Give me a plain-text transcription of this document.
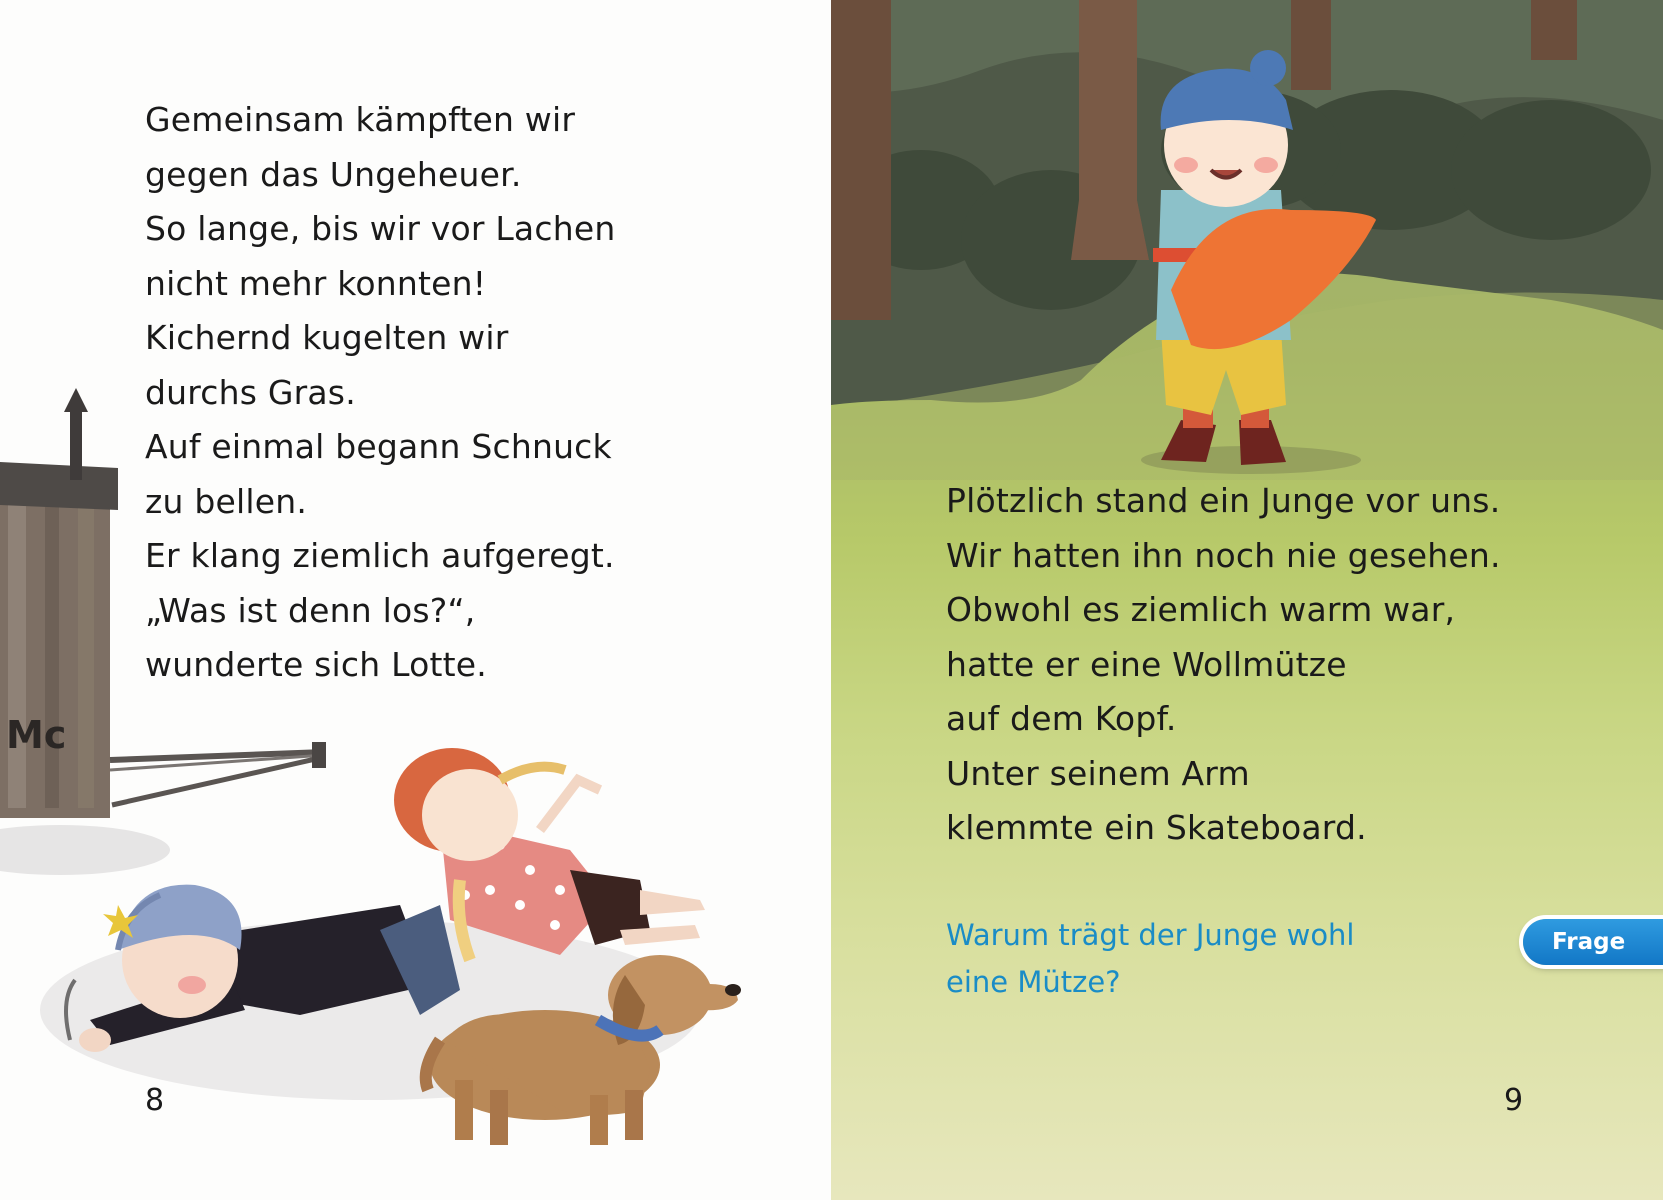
Mc
Gemeinsam kämpften wir
gegen das Ungeheuer.
So lange, bis wir vor Lachen
nicht mehr konnten!
Kichernd kugelten wir
durchs Gras.
Auf einmal begann Schnuck
zu bellen.
Er klang ziemlich aufgeregt.
„Was ist denn los?“,
wunderte sich Lotte.
8
Plötzlich stand ein Junge vor uns.
Wir hatten ihn noch nie gesehen.
Obwohl es ziemlich warm war,
hatte er eine Wollmütze
auf dem Kopf.
Unter seinem Arm
klemmte ein Skateboard.
Warum trägt der Junge wohl
eine Mütze?
Frage
9
